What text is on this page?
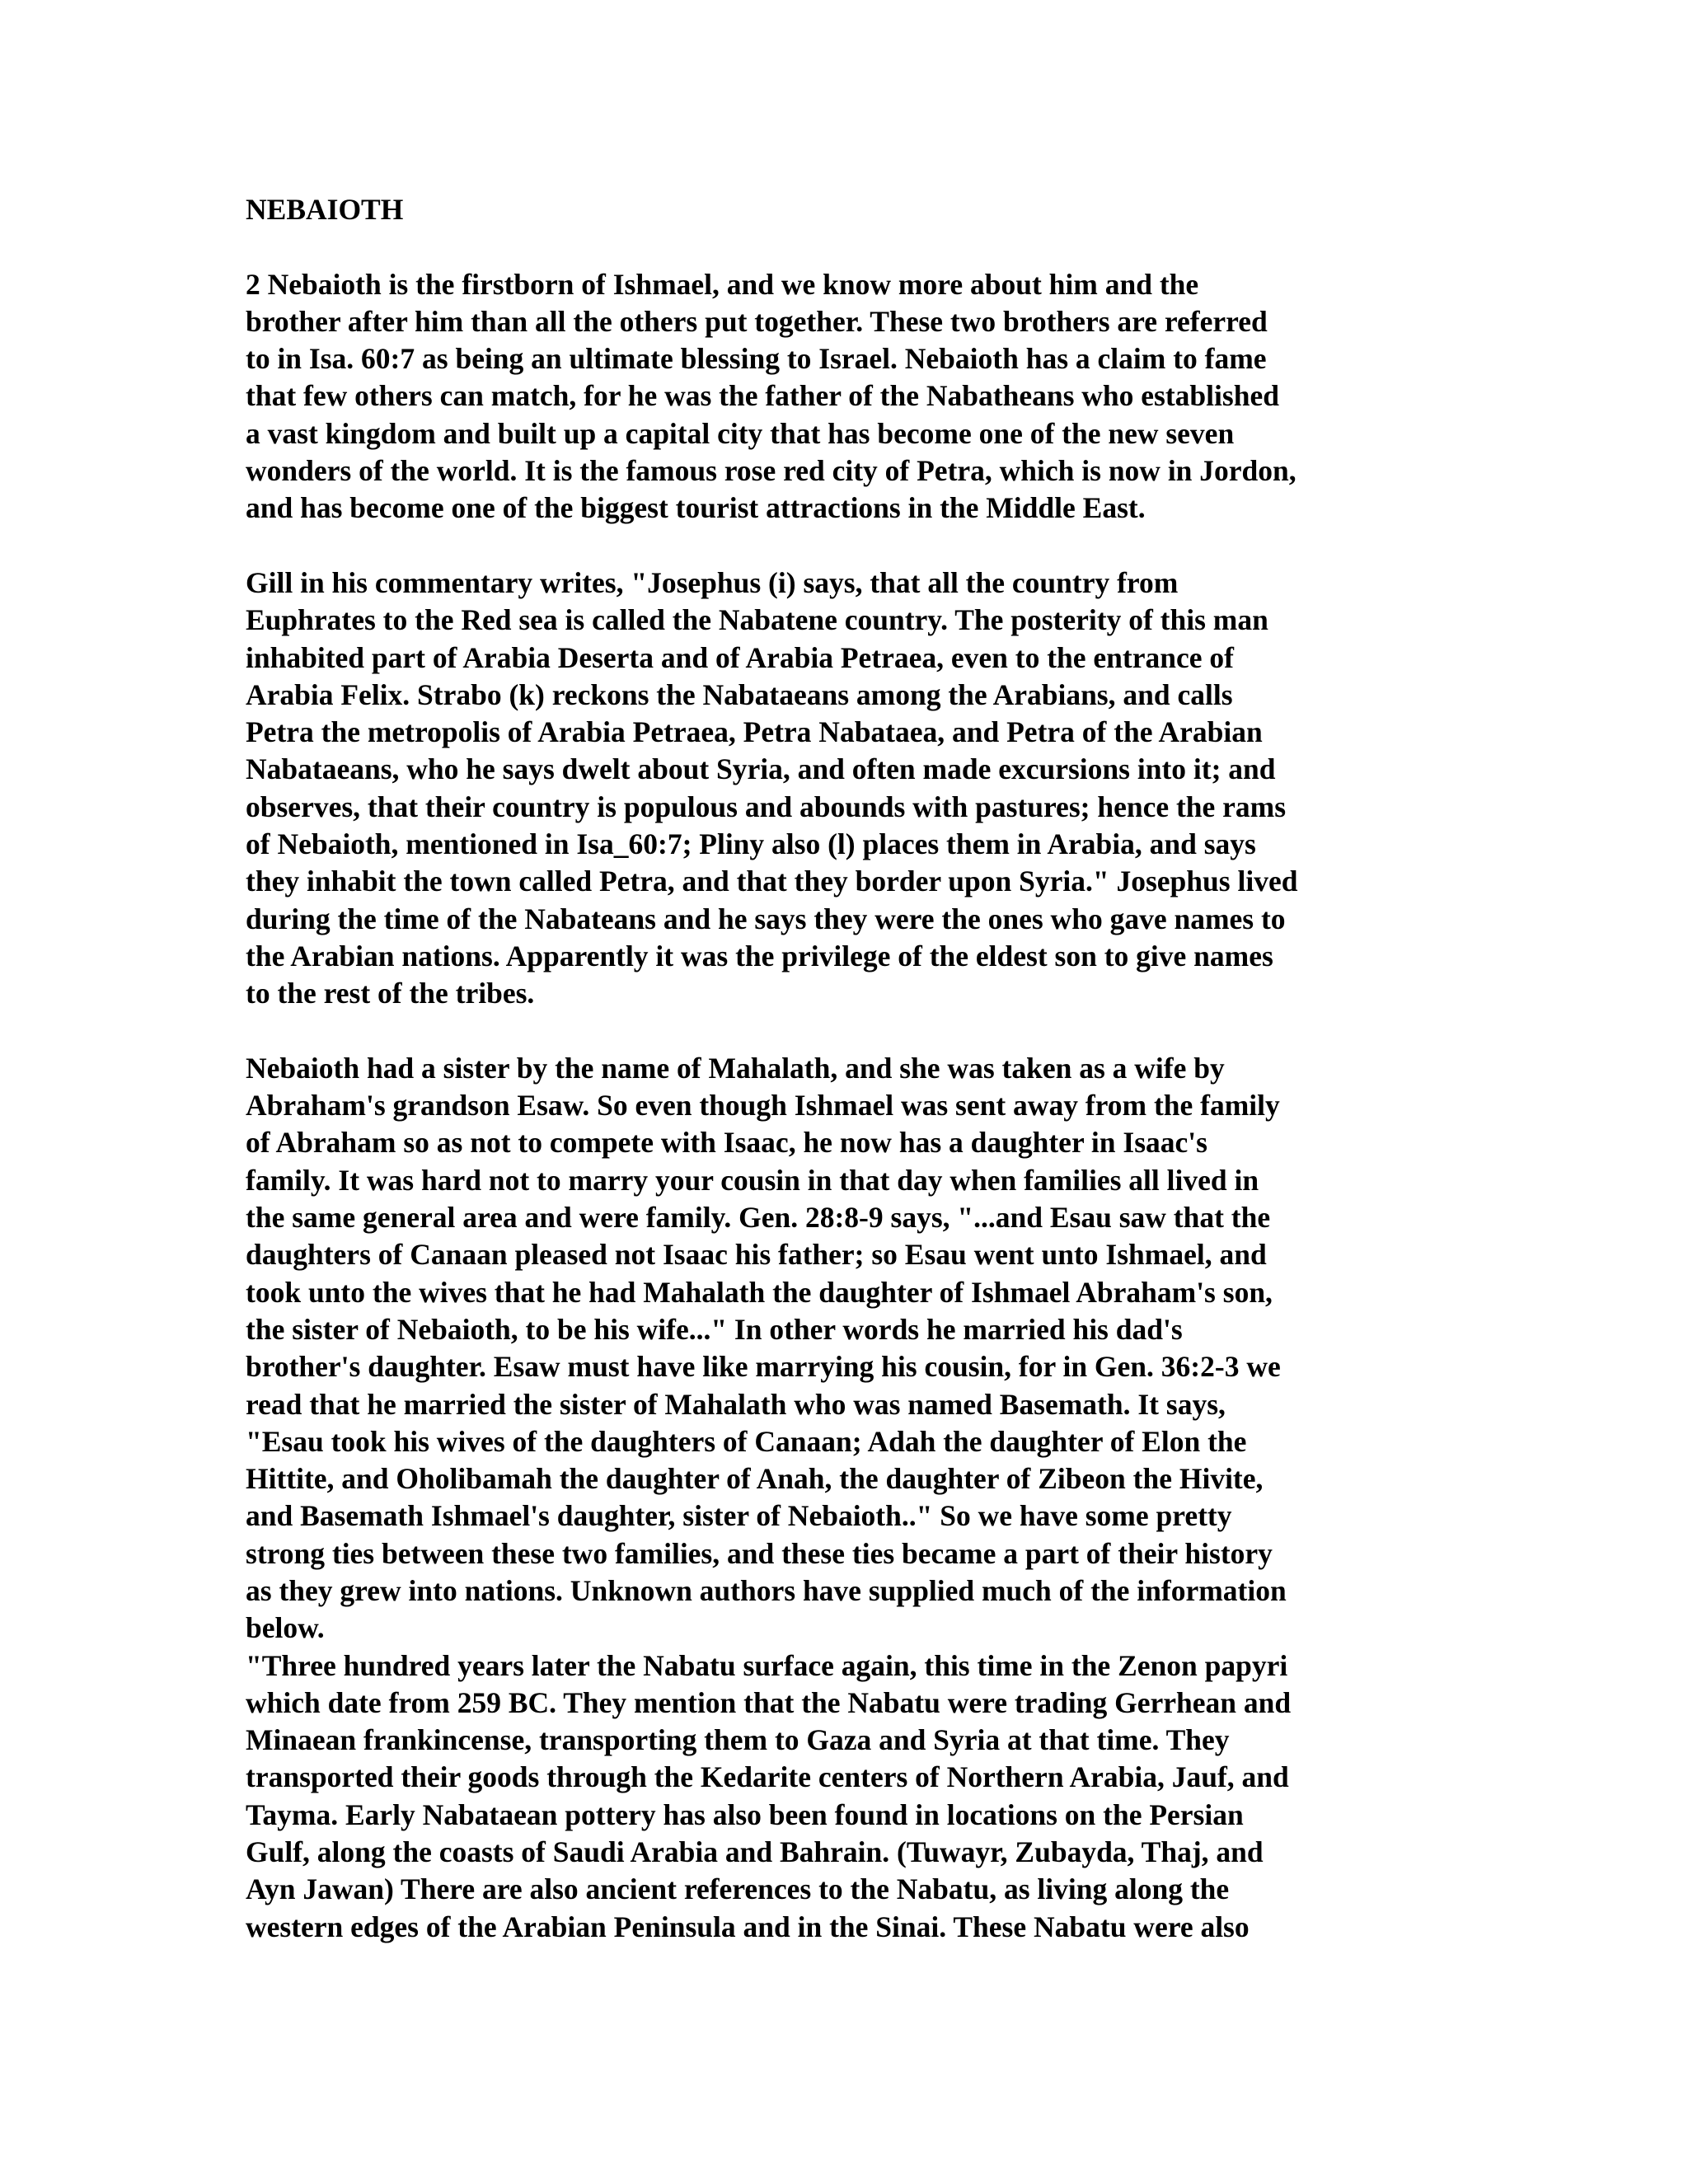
NEBAIOTH
2 Nebaioth is the firstborn of Ishmael, and we know more about him and the
brother after him than all the others put together. These two brothers are referred
to in Isa. 60:7 as being an ultimate blessing to Israel. Nebaioth has a claim to fame
that few others can match, for he was the father of the Nabatheans who established
a vast kingdom and built up a capital city that has become one of the new seven
wonders of the world. It is the famous rose red city of Petra, which is now in Jordon,
and has become one of the biggest tourist attractions in the Middle East.
Gill in his commentary writes, "Josephus (i) says, that all the country from
Euphrates to the Red sea is called the Nabatene country. The posterity of this man
inhabited part of Arabia Deserta and of Arabia Petraea, even to the entrance of
Arabia Felix. Strabo (k) reckons the Nabataeans among the Arabians, and calls
Petra the metropolis of Arabia Petraea, Petra Nabataea, and Petra of the Arabian
Nabataeans, who he says dwelt about Syria, and often made excursions into it; and
observes, that their country is populous and abounds with pastures; hence the rams
of Nebaioth, mentioned in Isa_60:7; Pliny also (l) places them in Arabia, and says
they inhabit the town called Petra, and that they border upon Syria." Josephus lived
during the time of the Nabateans and he says they were the ones who gave names to
the Arabian nations. Apparently it was the privilege of the eldest son to give names
to the rest of the tribes.
Nebaioth had a sister by the name of Mahalath, and she was taken as a wife by
Abraham's grandson Esaw. So even though Ishmael was sent away from the family
of Abraham so as not to compete with Isaac, he now has a daughter in Isaac's
family. It was hard not to marry your cousin in that day when families all lived in
the same general area and were family. Gen. 28:8-9 says, "...and Esau saw that the
daughters of Canaan pleased not Isaac his father; so Esau went unto Ishmael, and
took unto the wives that he had Mahalath the daughter of Ishmael Abraham's son,
the sister of Nebaioth, to be his wife..." In other words he married his dad's
brother's daughter. Esaw must have like marrying his cousin, for in Gen. 36:2-3 we
read that he married the sister of Mahalath who was named Basemath. It says,
"Esau took his wives of the daughters of Canaan; Adah the daughter of Elon the
Hittite, and Oholibamah the daughter of Anah, the daughter of Zibeon the Hivite,
and Basemath Ishmael's daughter, sister of Nebaioth.." So we have some pretty
strong ties between these two families, and these ties became a part of their history
as they grew into nations. Unknown authors have supplied much of the information
below.
"Three hundred years later the Nabatu surface again, this time in the Zenon papyri
which date from 259 BC. They mention that the Nabatu were trading Gerrhean and
Minaean frankincense, transporting them to Gaza and Syria at that time. They
transported their goods through the Kedarite centers of Northern Arabia, Jauf, and
Tayma. Early Nabataean pottery has also been found in locations on the Persian
Gulf, along the coasts of Saudi Arabia and Bahrain. (Tuwayr, Zubayda, Thaj, and
Ayn Jawan) There are also ancient references to the Nabatu, as living along the
western edges of the Arabian Peninsula and in the Sinai. These Nabatu were also
